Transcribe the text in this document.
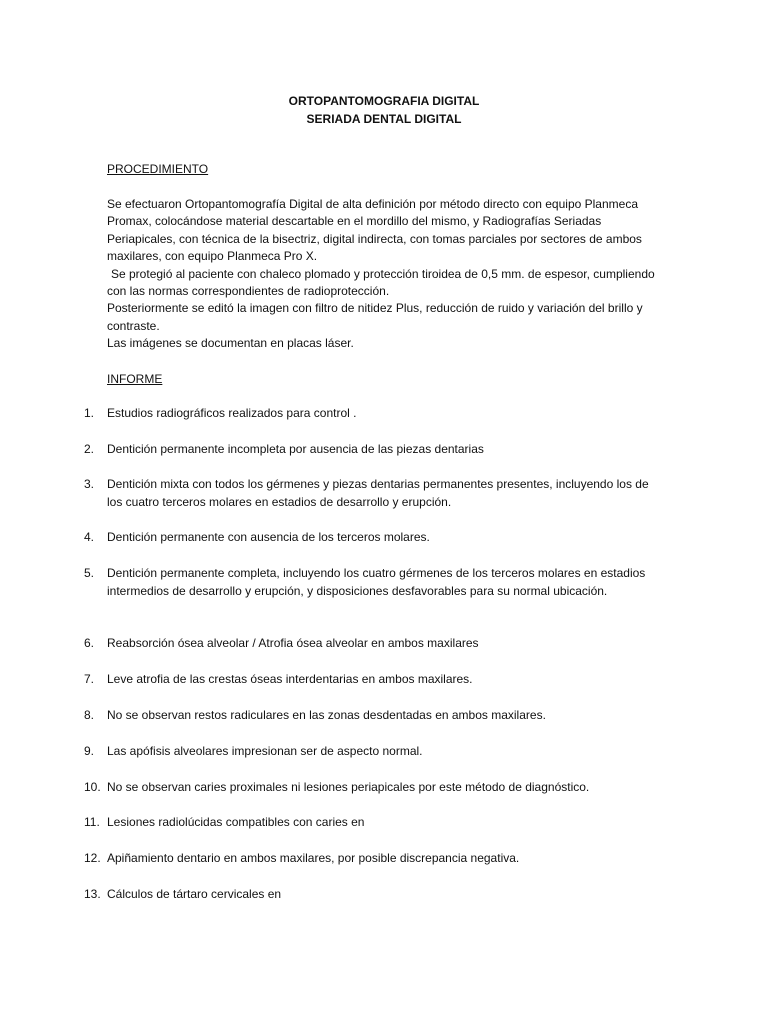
ORTOPANTOMOGRAFIA DIGITAL
SERIADA DENTAL DIGITAL
PROCEDIMIENTO

Se efectuaron Ortopantomografía Digital de alta definición por método directo con equipo Planmeca Promax, colocándose material descartable en el mordillo del mismo, y Radiografías Seriadas Periapicales, con técnica de la bisectriz, digital indirecta, con tomas parciales por sectores de ambos maxilares, con equipo Planmeca Pro X.

Se protegió al paciente con chaleco plomado y protección tiroidea de 0,5 mm. de espesor, cumpliendo con las normas correspondientes de radioprotección.

Posteriormente se editó la imagen con filtro de nitidez Plus, reducción de ruido y variación del brillo y contraste.

Las imágenes se documentan en placas láser.

INFORME
1.	Estudios radiográficos realizados para control .
2.	Dentición permanente incompleta por ausencia de las piezas dentarias
3.	Dentición mixta con todos los gérmenes y piezas dentarias permanentes presentes, incluyendo los de los cuatro terceros molares en estadios de desarrollo y erupción.
4.	Dentición permanente con ausencia de los terceros molares.
5.	Dentición permanente completa, incluyendo los cuatro gérmenes de los terceros molares en estadios intermedios de desarrollo y erupción, y disposiciones desfavorables para su normal ubicación.
6.	Reabsorción ósea alveolar / Atrofia ósea alveolar en ambos maxilares
7.	Leve atrofia de las crestas óseas interdentarias en ambos maxilares.
8.	No se observan restos radiculares en las zonas desdentadas en ambos maxilares.
9.	Las apófisis alveolares impresionan ser de aspecto normal.
10. No se observan caries proximales ni lesiones periapicales por este método de diagnóstico.
11. Lesiones radiolúcidas compatibles con caries en
12. Apiñamiento dentario en ambos maxilares, por posible discrepancia negativa.
13. Cálculos de tártaro cervicales en
